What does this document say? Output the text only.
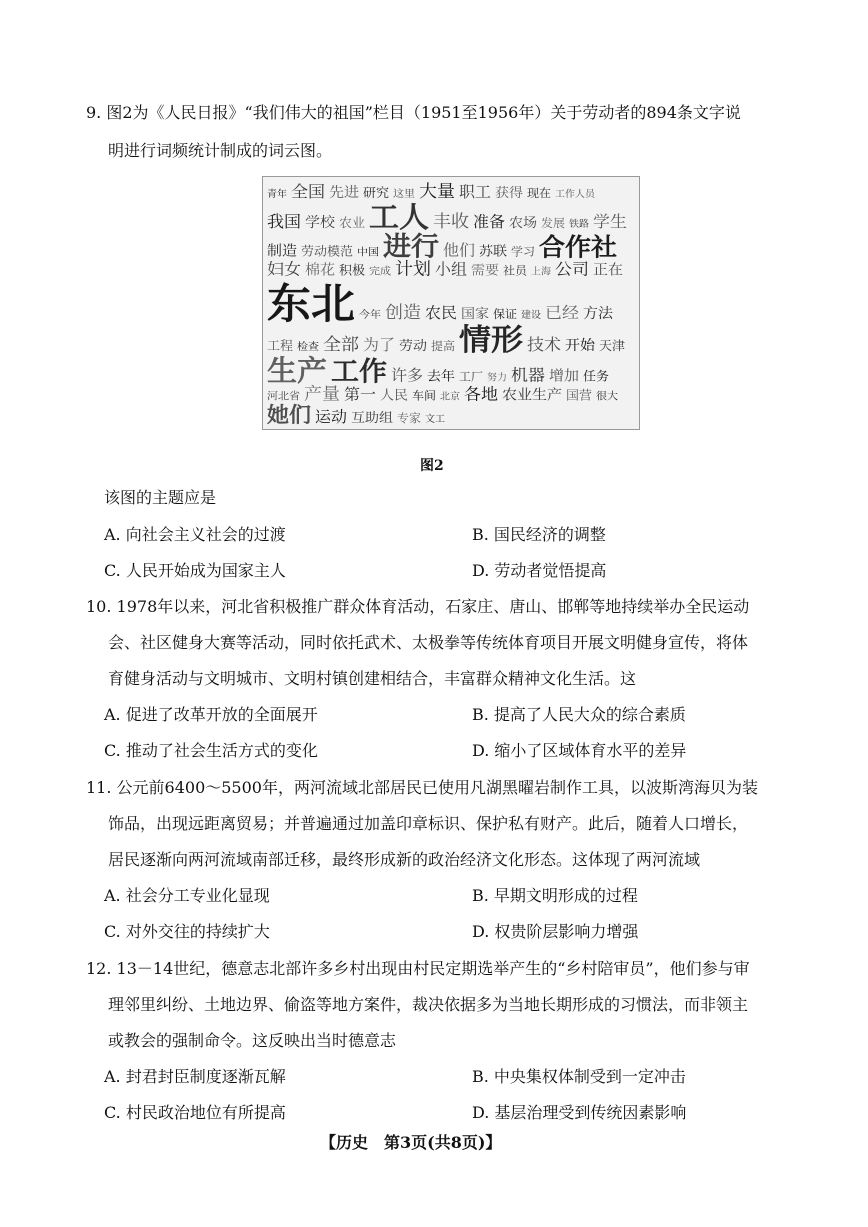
9. 图2为《人民日报》“我们伟大的祖国”栏目（1951至1956年）关于劳动者的894条文字说
明进行词频统计制成的词云图。
青年 全国 先进 研究 这里 大量 职工 获得 现在 工作人员
我国 学校 农业 工人 丰收 准备 农场 发展 铁路 学生
制造 劳动模范 中国 进行 他们 苏联 学习 合作社
妇女 棉花 积极 完成 计划 小组 需要 社员 上海 公司 正在
东北 今年 创造 农民 国家 保证 建设 已经 方法
工程 检查 全部 为了 劳动 提高 情形 技术 开始 天津
生产 工作 许多 去年 工厂 努力 机器 增加 任务
河北省 产量 第一 人民 车间 北京 各地 农业生产 国营 很大
她们 运动 互助组 专家 文工
图2
该图的主题应是
A. 向社会主义社会的过渡	B. 国民经济的调整
C. 人民开始成为国家主人	D. 劳动者觉悟提高
10. 1978年以来，河北省积极推广群众体育活动，石家庄、唐山、邯郸等地持续举办全民运动
会、社区健身大赛等活动，同时依托武术、太极拳等传统体育项目开展文明健身宣传，将体
育健身活动与文明城市、文明村镇创建相结合，丰富群众精神文化生活。这
A. 促进了改革开放的全面展开	B. 提高了人民大众的综合素质
C. 推动了社会生活方式的变化	D. 缩小了区域体育水平的差异
11. 公元前6400～5500年，两河流域北部居民已使用凡湖黑曜岩制作工具，以波斯湾海贝为装
饰品，出现远距离贸易；并普遍通过加盖印章标识、保护私有财产。此后，随着人口增长，
居民逐渐向两河流域南部迁移，最终形成新的政治经济文化形态。这体现了两河流域
A. 社会分工专业化显现	B. 早期文明形成的过程
C. 对外交往的持续扩大	D. 权贵阶层影响力增强
12. 13－14世纪，德意志北部许多乡村出现由村民定期选举产生的“乡村陪审员”，他们参与审
理邻里纠纷、土地边界、偷盗等地方案件，裁决依据多为当地长期形成的习惯法，而非领主
或教会的强制命令。这反映出当时德意志
A. 封君封臣制度逐渐瓦解	B. 中央集权体制受到一定冲击
C. 村民政治地位有所提高	D. 基层治理受到传统因素影响
【历史　第3页(共8页)】
